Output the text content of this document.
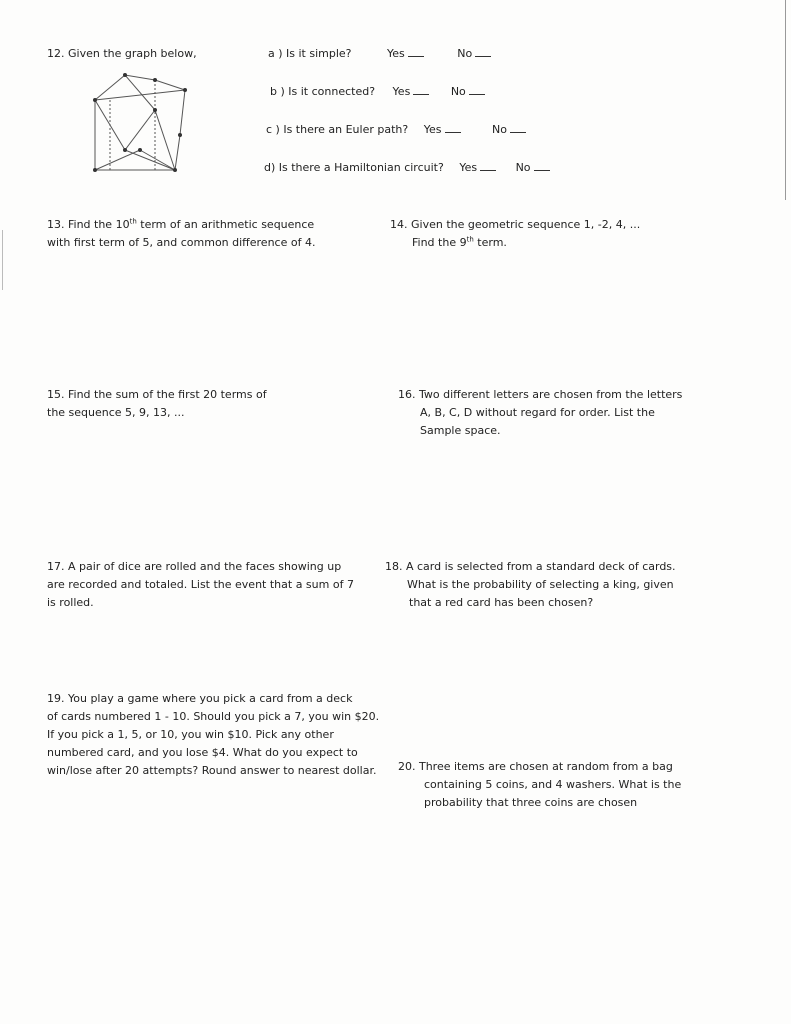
12. Given the graph below,	a ) Is it simple?	Yes	No
b ) Is it connected? Yes	No
c ) Is there an Euler path? Yes	No
d) Is there a Hamiltonian circuit? Yes	No
13. Find the 10th term of an arithmetic sequence
with first term of 5, and common difference of 4.
14. Given the geometric sequence 1, -2, 4, ...
Find the 9th term.
15. Find the sum of the first 20 terms of
the sequence 5, 9, 13, ...
16. Two different letters are chosen from the letters
A, B, C, D without regard for order. List the
Sample space.
17. A pair of dice are rolled and the faces showing up
are recorded and totaled. List the event that a sum of 7
is rolled.
18. A card is selected from a standard deck of cards.
What is the probability of selecting a king, given
that a red card has been chosen?
19. You play a game where you pick a card from a deck
of cards numbered 1 - 10. Should you pick a 7, you win $20.
If you pick a 1, 5, or 10, you win $10. Pick any other
numbered card, and you lose $4. What do you expect to
win/lose after 20 attempts? Round answer to nearest dollar. 20. Three items are chosen at random from a bag
containing 5 coins, and 4 washers. What is the
probability that three coins are chosen
